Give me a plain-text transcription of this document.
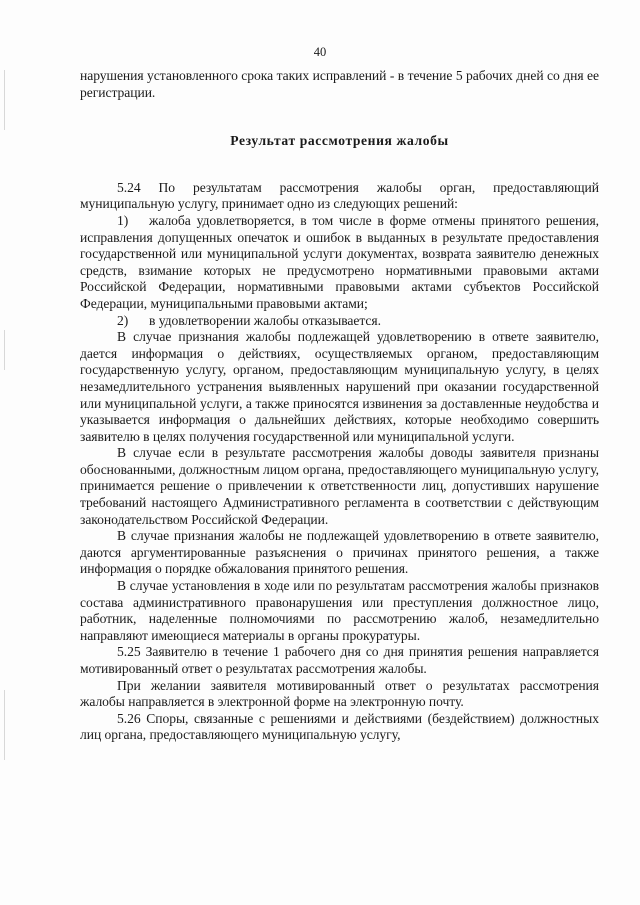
40

нарушения установленного срока таких исправлений - в течение 5 рабочих дней со дня ее регистрации.

Результат рассмотрения жалобы

5.24 По результатам рассмотрения жалобы орган, предоставляющий муниципальную услугу, принимает одно из следующих решений:

1) жалоба удовлетворяется, в том числе в форме отмены принятого решения, исправления допущенных опечаток и ошибок в выданных в результате предоставления государственной или муниципальной услуги документах, возврата заявителю денежных средств, взимание которых не предусмотрено нормативными правовыми актами Российской Федерации, нормативными правовыми актами субъектов Российской Федерации, муниципальными правовыми актами;

2) в удовлетворении жалобы отказывается.

В случае признания жалобы подлежащей удовлетворению в ответе заявителю, дается информация о действиях, осуществляемых органом, предоставляющим государственную услугу, органом, предоставляющим муниципальную услугу, в целях незамедлительного устранения выявленных нарушений при оказании государственной или муниципальной услуги, а также приносятся извинения за доставленные неудобства и указывается информация о дальнейших действиях, которые необходимо совершить заявителю в целях получения государственной или муниципальной услуги.

В случае если в результате рассмотрения жалобы доводы заявителя признаны обоснованными, должностным лицом органа, предоставляющего муниципальную услугу, принимается решение о привлечении к ответственности лиц, допустивших нарушение требований настоящего Административного регламента в соответствии с действующим законодательством Российской Федерации.

В случае признания жалобы не подлежащей удовлетворению в ответе заявителю, даются аргументированные разъяснения о причинах принятого решения, а также информация о порядке обжалования принятого решения.

В случае установления в ходе или по результатам рассмотрения жалобы признаков состава административного правонарушения или преступления должностное лицо, работник, наделенные полномочиями по рассмотрению жалоб, незамедлительно направляют имеющиеся материалы в органы прокуратуры.

5.25 Заявителю в течение 1 рабочего дня со дня принятия решения направляется мотивированный ответ о результатах рассмотрения жалобы.

При желании заявителя мотивированный ответ о результатах рассмотрения жалобы направляется в электронной форме на электронную почту.

5.26 Споры, связанные с решениями и действиями (бездействием) должностных лиц органа, предоставляющего муниципальную услугу,
